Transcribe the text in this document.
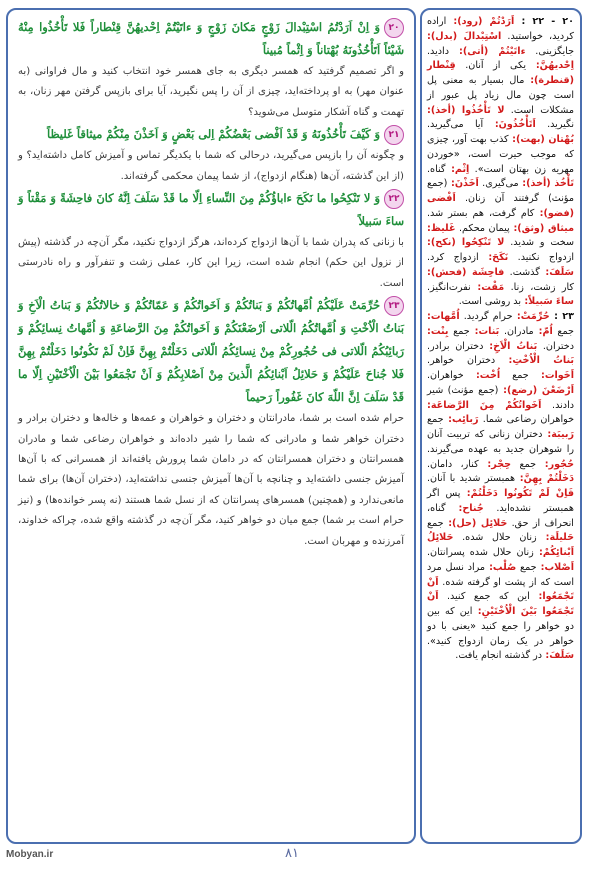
۲۰وَ اِنْ اَرَدْتُمُ اسْتِبْدالَ زَوْجٍ مَکانَ زَوْجٍ وَ ءاتَیْتُمْ اِحْدیهُنَّ قِنْطاراً فَلا تَأْخُذُوا مِنْهُ شَیْئاً اَتَأْخُذُونَهُ بُهْتاناً وَ اِثْماً مُبیناً

و اگر تصمیم گرفتید که همسر دیگری به جای همسر خود انتخاب کنید و مال فراوانی (به عنوان مهر) به او پرداخته‌اید، چیزی از آن را پس نگیرید، آیا برای بازپس گرفتن مهر زنان، به تهمت و گناه آشکار متوسل می‌شوید؟

۲۱وَ کَیْفَ تَأْخُذُونَهُ وَ قَدْ اَفْضی بَعْضُکُمْ اِلی بَعْضٍ وَ اَخَذْنَ مِنْکُمْ میثاقاً غَلیظاً

و چگونه آن را بازپس می‌گیرید، درحالی که شما با یکدیگر تماس و آمیزش کامل داشته‌اید؟ و (از این گذشته، آن‌ها (هنگام ازدواج)، از شما پیمان محکمی گرفته‌اند.

۲۲وَ لا تَنْکِحُوا ما نَکَحَ ءاباؤُکُمْ مِنَ النِّساءِ اِلّا ما قَدْ سَلَفَ اِنَّهُ کانَ فاحِشَةً وَ مَقْتاً وَ ساءَ سَبیلاً

با زنانی که پدران شما با آن‌ها ازدواج کرده‌اند، هرگز ازدواج نکنید، مگر آن‌چه در گذشته (پیش از نزول این حکم) انجام شده است، زیرا این کار، عملی زشت و تنفرآور و راه نادرستی است.

۲۳حُرِّمَتْ عَلَیْکُمْ اُمَّهاتُکُمْ وَ بَناتُکُمْ وَ اَخَواتُکُمْ وَ عَمّاتُکُمْ وَ خالاتُکُمْ وَ بَناتُ الْاَخِ وَ بَناتُ الْاُخْتِ وَ اُمَّهاتُکُمُ الّلاتی اَرْضَعْنَکُمْ وَ اَخَواتُکُمْ مِنَ الرَّضاعَةِ وَ اُمَّهاتُ نِسائِکُمْ وَ رَبائِبُکُمُ الّلاتی فی حُجُورِکُمْ مِنْ نِسائِکُمُ الّلاتی دَخَلْتُمْ بِهِنَّ فَاِنْ لَمْ تَکُونُوا دَخَلْتُمْ بِهِنَّ فَلا جُناحَ عَلَیْکُمْ وَ حَلائِلُ اَبْنائِکُمُ الَّذینَ مِنْ اَصْلابِکُمْ وَ اَنْ تَجْمَعُوا بَیْنَ الْاُخْتَیْنِ اِلّا ما قَدْ سَلَفَ اِنَّ اللّهَ کانَ غَفُوراً رَحیماً

حرام شده است بر شما، مادرانتان و دختران و خواهران و عمه‌ها و خاله‌ها و دختران برادر و دختران خواهر شما و مادرانی که شما را شیر داده‌اند و خواهران رضاعی شما و مادران همسرانتان و دختران همسرانتان که در دامان شما پرورش یافته‌اند از همسرانی که با آن‌ها آمیزش جنسی داشته‌اید و چنانچه با آن‌ها آمیزش جنسی نداشته‌اید، (دختران آن‌ها) برای شما مانعی‌ندارد و (همچنین) همسرهای پسرانتان که از نسل شما هستند (نه پسر خوانده‌ها) و (نیز حرام است بر شما) جمع میان دو خواهر کنید، مگر آن‌چه در گذشته واقع شده، چراکه خداوند، آمرزنده و مهربان است.

۲۰ - ۲۲ : اَرَدْتُمْ (رود): اراده کردید، خواستید. اسْتِبْدالَ (بدل): جایگزینی. ءاتَیْتُمْ (أتی): دادید. اِحْدیهُنَّ: یکی از آنان. قِنْطار (قنطرة): مال بسیار به معنی پل است چون مال زیاد پل عبور از مشکلات است. لا تَأْخُذُوا (أخذ): نگیرید. اَتَأْخُذُونَ: آیا می‌گیرید. بُهْتان (بهت): کذب بهت آور، چیزی که موجب حیرت است، «خوردن مهریه زن بهتان است». اِثْم: گناه. تَأْخُذ (أخذ): می‌گیری. اَخَذْنَ: (جمع مؤنث) گرفتند آن زنان. اَفْضی (فضو): کام گرفت، هم بستر شد. میثاق (وثق): پیمان محکم. غَلیظ: سخت و شدید. لا تَنْکِحُوا (نکح): ازدواج نکنید. نَکَحَ: ازدواج کرد. سَلَفَ: گذشت. فاحِشَة (فحش): کار زشت، زنا. مَقْت: نفرت‌انگیز. ساءَ سَبیلاً: بد روشی است.

۲۳ : حُرِّمَتْ: حرام گردید. اُمَّهات: جمع اُمّ: مادران. بَنات: جمع بِنْت: دختران. بَناتُ الْاَخِ: دختران برادر. بَناتُ الْاُخْتِ: دختران خواهر. اَخَوات: جمع اُخْت: خواهران. اَرْضَعْنَ (رضع): (جمع مؤنث) شیر دادند. اَخَواتُکُمْ مِنَ الرَّضاعَة: خواهران رضاعی شما. رَبائِب: جمع رَبیبَة: دختران زنانی که تربیت آنان را شوهران جدید به عهده می‌گیرند. حُجُور: جمع حِجْر: کنار، دامان. دَخَلْتُمْ بِهِنَّ: همبستر شدید با آنان. فَاِنْ لَمْ تَکُونُوا دَخَلْتُمْ: پس اگر همبستر نشده‌اید. جُناح: گناه، انحراف از حق. حَلائِل (حل): جمع حَلیلَة: زنان حلال شده. حَلائِلُ اَبْنائِکُمْ: زنان حلال شده پسرانتان. اَصْلاب: جمع صُلْب: مراد نسل مرد است که از پشت او گرفته شده. اَنْ تَجْمَعُوا: این که جمع کنید. اَنْ تَجْمَعُوا بَیْنَ الْاُخْتَیْنِ: این که بین دو خواهر را جمع کنید «یعنی با دو خواهر در یک زمان ازدواج کنید». سَلَفَ: در گذشته انجام یافت.

۸۱
Mobyan.ir
